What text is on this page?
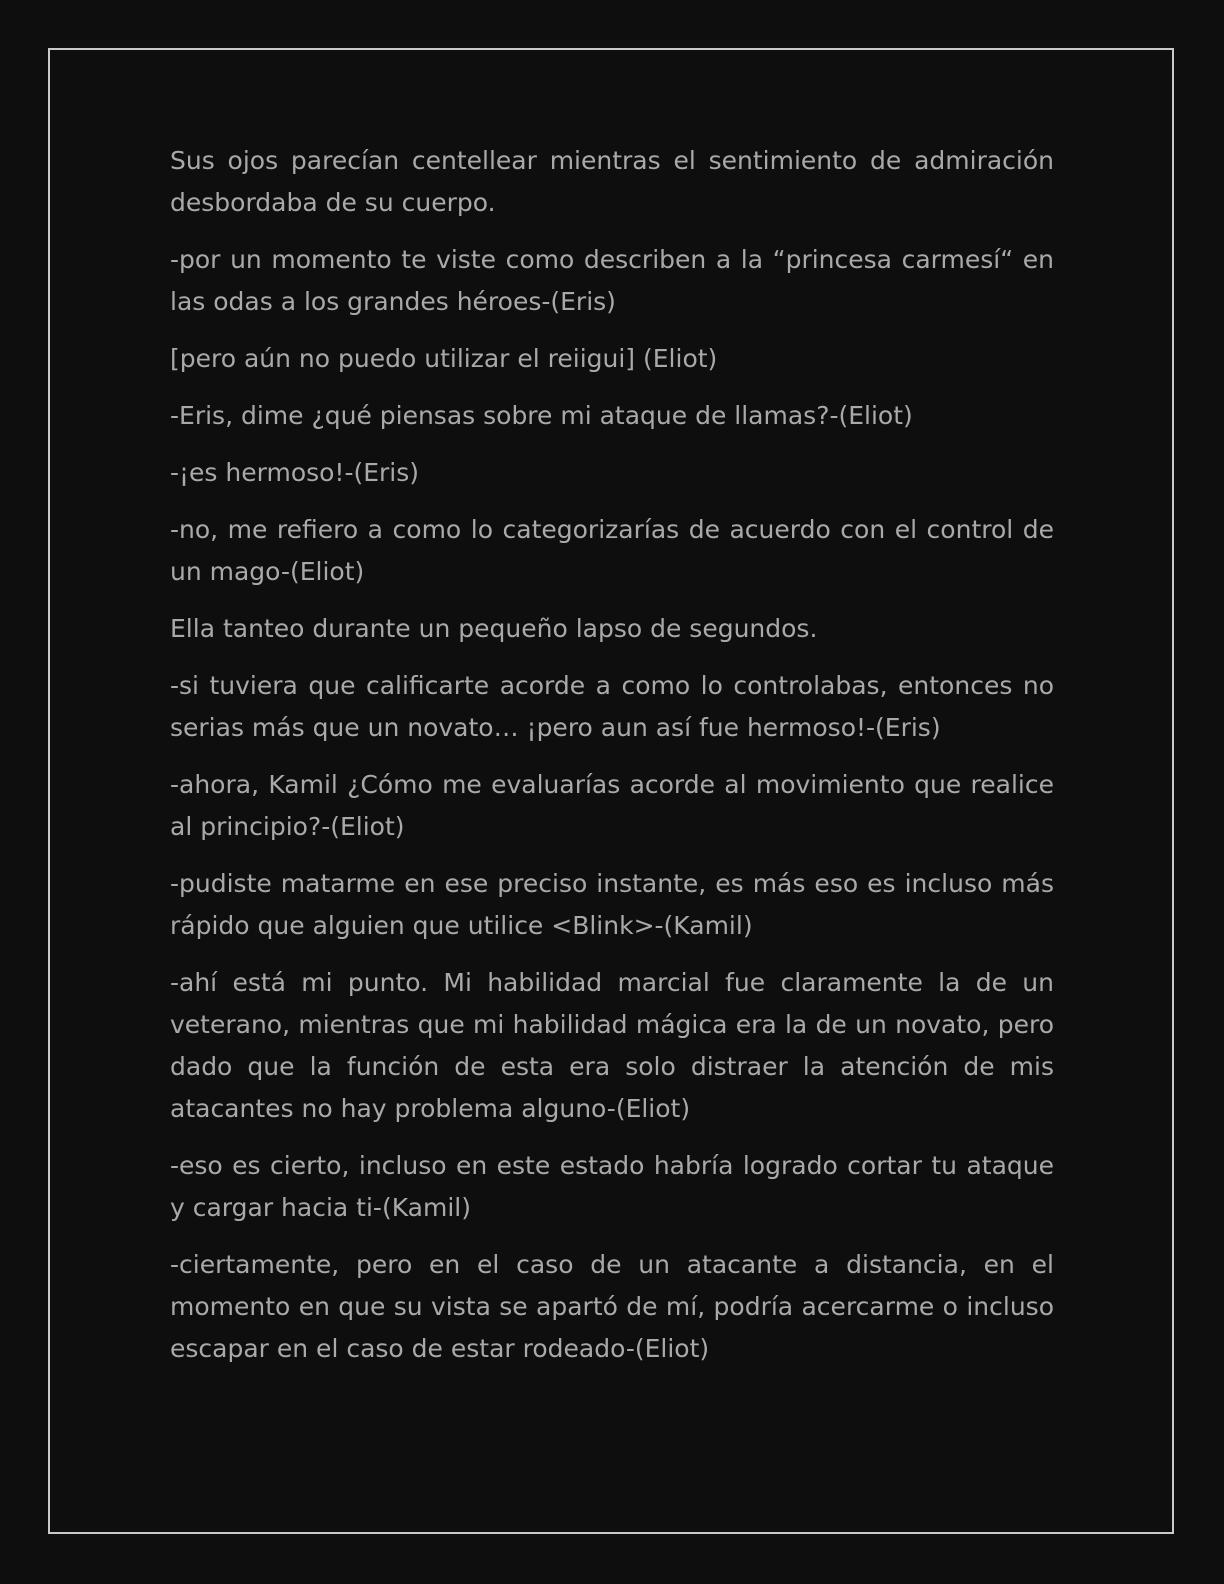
Sus ojos parecían centellear mientras el sentimiento de admiración desbordaba de su cuerpo.

-por un momento te viste como describen a la “princesa carmesí“ en las odas a los grandes héroes-(Eris)

[pero aún no puedo utilizar el reiigui] (Eliot)

-Eris, dime ¿qué piensas sobre mi ataque de llamas?-(Eliot)

-¡es hermoso!-(Eris)

-no, me refiero a como lo categorizarías de acuerdo con el control de un mago-(Eliot)

Ella tanteo durante un pequeño lapso de segundos.

-si tuviera que calificarte acorde a como lo controlabas, entonces no serias más que un novato… ¡pero aun así fue hermoso!-(Eris)

-ahora, Kamil ¿Cómo me evaluarías acorde al movimiento que realice al principio?-(Eliot)

-pudiste matarme en ese preciso instante, es más eso es incluso más rápido que alguien que utilice <Blink>-(Kamil)

-ahí está mi punto. Mi habilidad marcial fue claramente la de un veterano, mientras que mi habilidad mágica era la de un novato, pero dado que la función de esta era solo distraer la atención de mis atacantes no hay problema alguno-(Eliot)

-eso es cierto, incluso en este estado habría logrado cortar tu ataque y cargar hacia ti-(Kamil)

-ciertamente, pero en el caso de un atacante a distancia, en el momento en que su vista se apartó de mí, podría acercarme o incluso escapar en el caso de estar rodeado-(Eliot)
